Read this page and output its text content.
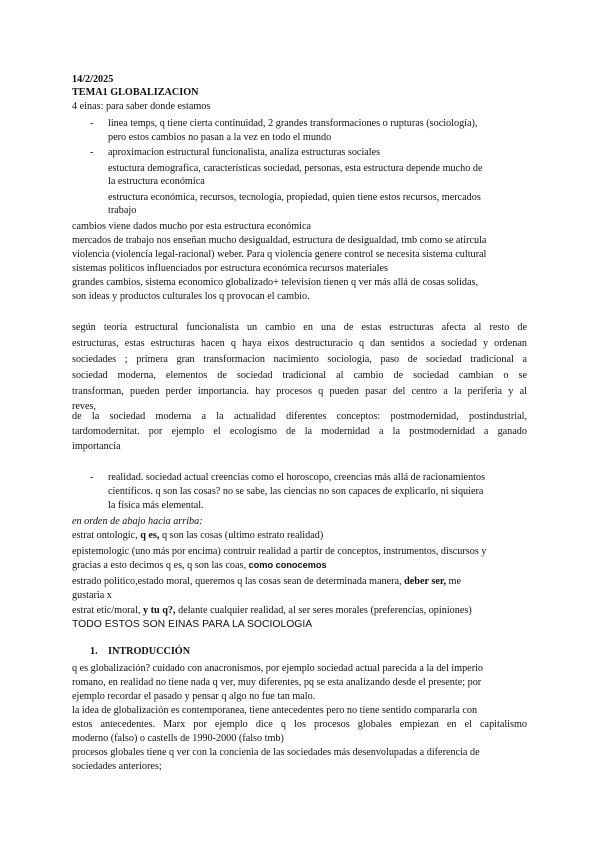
14/2/2025
TEMA1 GLOBALIZACION
4 einas: para saber donde estamos
- linea temps, q tiene cierta continuidad, 2 grandes transformaciones o rupturas (sociología),
pero estos cambios no pasan a la vez en todo el mundo
- aproximacion estructural funcionalista, analiza estructuras sociales
estuctura demografica, características sociedad, personas, esta estructura depende mucho de
la estructura económica
estructura económica, recursos, tecnología, propiedad, quien tiene estos recursos, mercados
trabajo
cambios viene dados mucho por esta estructura económica
mercados de trabajo nos enseñan mucho desigualdad, estructura de desigualdad, tmb como se atircula
violencia (violencia legal-racional) weber. Para q violencia genere control se necesita sistema cultural
sistemas politicos influenciados por estructura económica recursos materiales
grandes cambios, sistema economico globalizado+ television tienen q ver más allá de cosas solidas,
son ideas y productos culturales los q provocan el cambio.
según teoría estructural funcionalista un cambio en una de estas estructuras afecta al resto de
estructuras, estas estructuras hacen q haya eixos destructuracio q dan sentidos a sociedad y ordenan
sociedades ; primera gran transformacion nacimiento sociologia, paso de sociedad tradicional a
sociedad moderna, elementos de sociedad tradicional al cambio de sociedad cambian o se
transforman, pueden perder importancia. hay procesos q pueden pasar del centro a la periferia y al
reves,
de la sociedad moderna a la actualidad diferentes conceptos: postmodernidad, postindustrial,
tardomodernitat. por ejemplo el ecologismo de la modernidad a la postmodernidad a ganado
importancia
- realidad. sociedad actual creencias como el horoscopo, creencias más allá de racionamientos
científicos. q son las cosas? no se sabe, las ciencias no son capaces de explicarlo, ni siquiera
la física más elemental.
en orden de abajo hacia arriba:
estrat ontologic, q es, q son las cosas (ultimo estrato realidad)
epistemologic (uno más por encima) contruir realidad a partir de conceptos, instrumentos, discursos y
gracias a esto decimos q es, q son las coas, como conocemos
estrado politico,estado moral, queremos q las cosas sean de determinada manera, deber ser, me
gustaria x
estrat etic/moral, y tu q?, delante cualquier realidad, al ser seres morales (preferencias, opiniones)
TODO ESTOS SON EINAS PARA LA SOCIOLOGIA
1. INTRODUCCIÓN
q es globalización? cuidado con anacronismos, por ejemplo sociedad actual parecida a la del imperio
romano, en realidad no tiene nada q ver, muy diferentes, pq se esta analizando desde el presente; por
ejemplo recordar el pasado y pensar q algo no fue tan malo.
la idea de globalización es contemporanea, tiene antecedentes pero no tiene sentido compararla con
estos antecedentes. Marx por ejemplo dice q los procesos globales empiezan en el capitalismo
moderno (falso) o castells de 1990-2000 (falso tmb)
procesos globales tiene q ver con la concienia de las sociedades más desenvolupadas a diferencia de
sociedades anteriores;
